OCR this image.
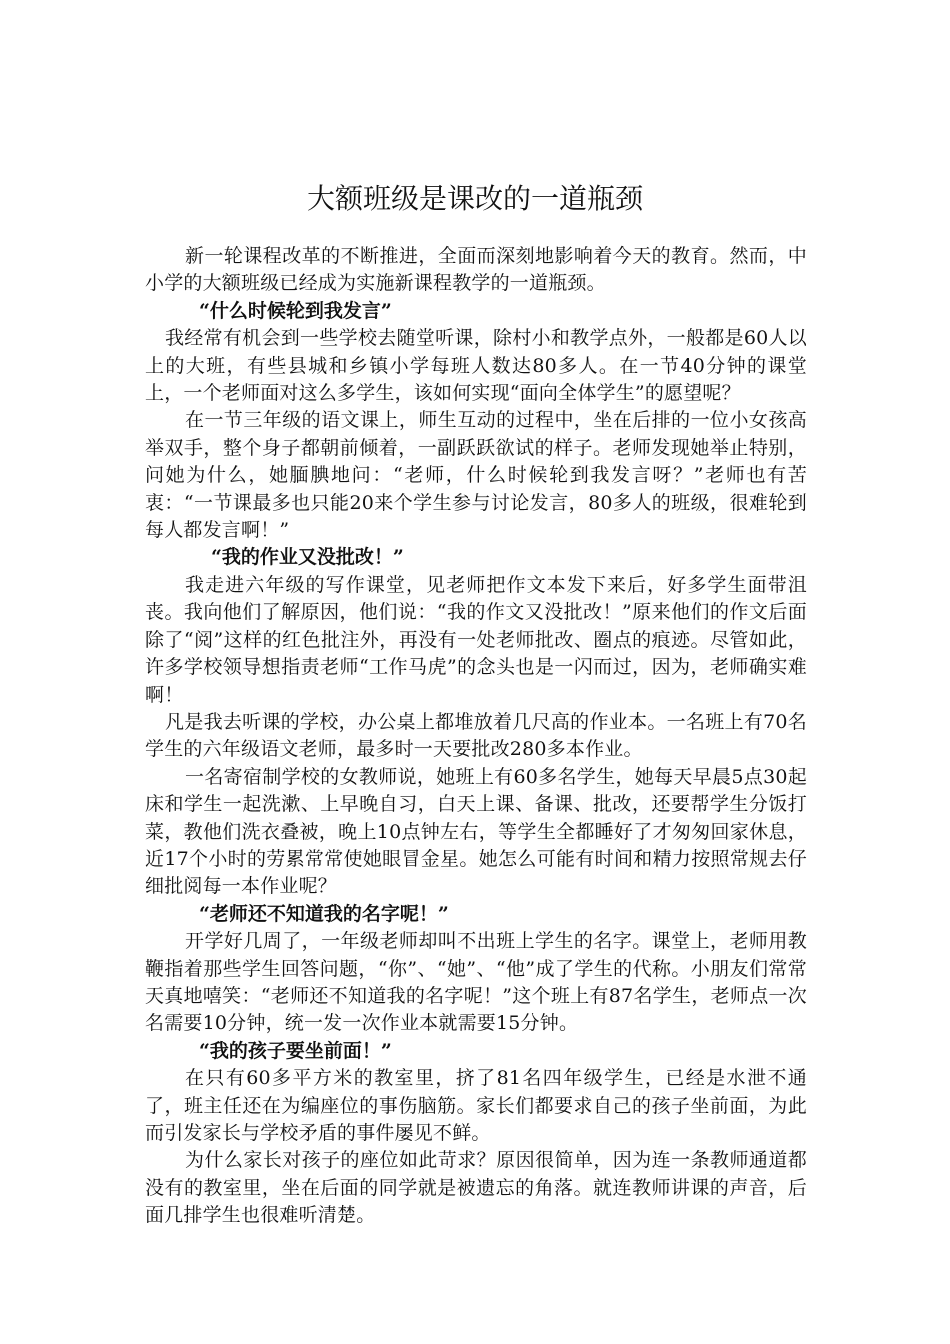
大额班级是课改的一道瓶颈

新一轮课程改革的不断推进，全面而深刻地影响着今天的教育。然而，中小学的大额班级已经成为实施新课程教学的一道瓶颈。

“什么时候轮到我发言”

我经常有机会到一些学校去随堂听课，除村小和教学点外，一般都是60人以上的大班，有些县城和乡镇小学每班人数达80多人。在一节40分钟的课堂上，一个老师面对这么多学生，该如何实现“面向全体学生”的愿望呢？

在一节三年级的语文课上，师生互动的过程中，坐在后排的一位小女孩高举双手，整个身子都朝前倾着，一副跃跃欲试的样子。老师发现她举止特别，问她为什么，她腼腆地问：“老师，什么时候轮到我发言呀？”老师也有苦衷：“一节课最多也只能20来个学生参与讨论发言，80多人的班级，很难轮到每人都发言啊！”

“我的作业又没批改！”

我走进六年级的写作课堂，见老师把作文本发下来后，好多学生面带沮丧。我向他们了解原因，他们说：“我的作文又没批改！”原来他们的作文后面除了“阅”这样的红色批注外，再没有一处老师批改、圈点的痕迹。尽管如此，许多学校领导想指责老师“工作马虎”的念头也是一闪而过，因为，老师确实难啊！

凡是我去听课的学校，办公桌上都堆放着几尺高的作业本。一名班上有70名学生的六年级语文老师，最多时一天要批改280多本作业。

一名寄宿制学校的女教师说，她班上有60多名学生，她每天早晨5点30起床和学生一起洗漱、上早晚自习，白天上课、备课、批改，还要帮学生分饭打菜，教他们洗衣叠被，晚上10点钟左右，等学生全都睡好了才匆匆回家休息，近17个小时的劳累常常使她眼冒金星。她怎么可能有时间和精力按照常规去仔细批阅每一本作业呢？

“老师还不知道我的名字呢！”

开学好几周了，一年级老师却叫不出班上学生的名字。课堂上，老师用教鞭指着那些学生回答问题，“你”、“她”、“他”成了学生的代称。小朋友们常常天真地嘻笑：“老师还不知道我的名字呢！”这个班上有87名学生，老师点一次名需要10分钟，统一发一次作业本就需要15分钟。

“我的孩子要坐前面！”

在只有60多平方米的教室里，挤了81名四年级学生，已经是水泄不通了，班主任还在为编座位的事伤脑筋。家长们都要求自己的孩子坐前面，为此而引发家长与学校矛盾的事件屡见不鲜。

为什么家长对孩子的座位如此苛求？原因很简单，因为连一条教师通道都没有的教室里，坐在后面的同学就是被遗忘的角落。就连教师讲课的声音，后面几排学生也很难听清楚。
